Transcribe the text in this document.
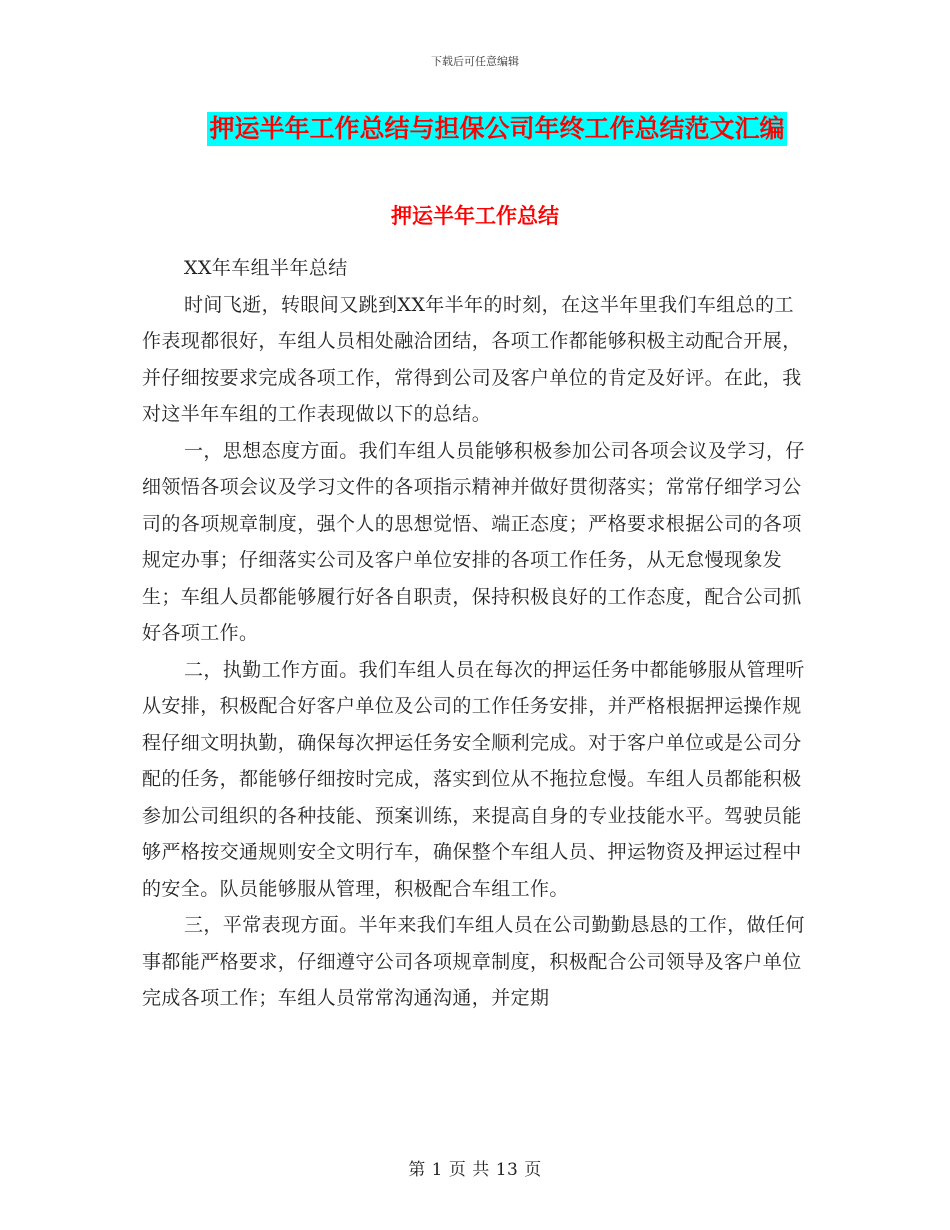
下载后可任意编辑
押运半年工作总结与担保公司年终工作总结范文汇编
押运半年工作总结

XX年车组半年总结

时间飞逝，转眼间又跳到XX年半年的时刻，在这半年里我们车组总的工作表现都很好，车组人员相处融洽团结，各项工作都能够积极主动配合开展，并仔细按要求完成各项工作，常得到公司及客户单位的肯定及好评。在此，我对这半年车组的工作表现做以下的总结。

一，思想态度方面。我们车组人员能够积极参加公司各项会议及学习，仔细领悟各项会议及学习文件的各项指示精神并做好贯彻落实；常常仔细学习公司的各项规章制度，强个人的思想觉悟、端正态度；严格要求根据公司的各项规定办事；仔细落实公司及客户单位安排的各项工作任务，从无怠慢现象发生；车组人员都能够履行好各自职责，保持积极良好的工作态度，配合公司抓好各项工作。

二，执勤工作方面。我们车组人员在每次的押运任务中都能够服从管理听从安排，积极配合好客户单位及公司的工作任务安排，并严格根据押运操作规程仔细文明执勤，确保每次押运任务安全顺利完成。对于客户单位或是公司分配的任务，都能够仔细按时完成，落实到位从不拖拉怠慢。车组人员都能积极参加公司组织的各种技能、预案训练，来提高自身的专业技能水平。驾驶员能够严格按交通规则安全文明行车，确保整个车组人员、押运物资及押运过程中的安全。队员能够服从管理，积极配合车组工作。

三，平常表现方面。半年来我们车组人员在公司勤勤恳恳的工作，做任何事都能严格要求，仔细遵守公司各项规章制度，积极配合公司领导及客户单位完成各项工作；车组人员常常沟通沟通，并定期

第 1 页 共 13 页
